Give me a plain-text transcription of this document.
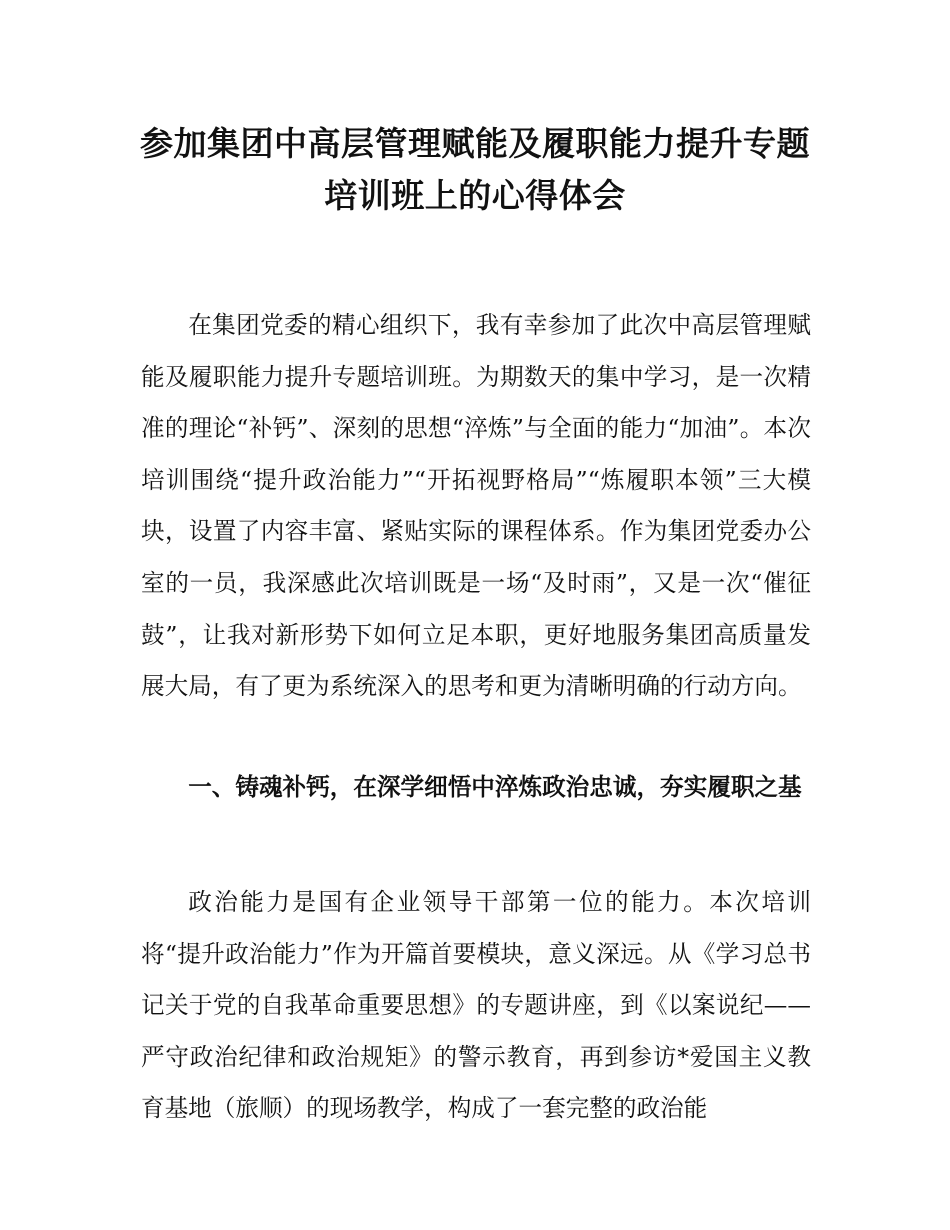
参加集团中高层管理赋能及履职能力提升专题培训班上的心得体会

在集团党委的精心组织下，我有幸参加了此次中高层管理赋能及履职能力提升专题培训班。为期数天的集中学习，是一次精准的理论“补钙”、深刻的思想“淬炼”与全面的能力“加油”。本次培训围绕“提升政治能力”“开拓视野格局”“炼履职本领”三大模块，设置了内容丰富、紧贴实际的课程体系。作为集团党委办公室的一员，我深感此次培训既是一场“及时雨”，又是一次“催征鼓”，让我对新形势下如何立足本职，更好地服务集团高质量发展大局，有了更为系统深入的思考和更为清晰明确的行动方向。

一、铸魂补钙，在深学细悟中淬炼政治忠诚，夯实履职之基

政治能力是国有企业领导干部第一位的能力。本次培训将“提升政治能力”作为开篇首要模块，意义深远。从《学习总书记关于党的自我革命重要思想》的专题讲座，到《以案说纪——严守政治纪律和政治规矩》的警示教育，再到参访*爱国主义教育基地（旅顺）的现场教学，构成了一套完整的政治能
